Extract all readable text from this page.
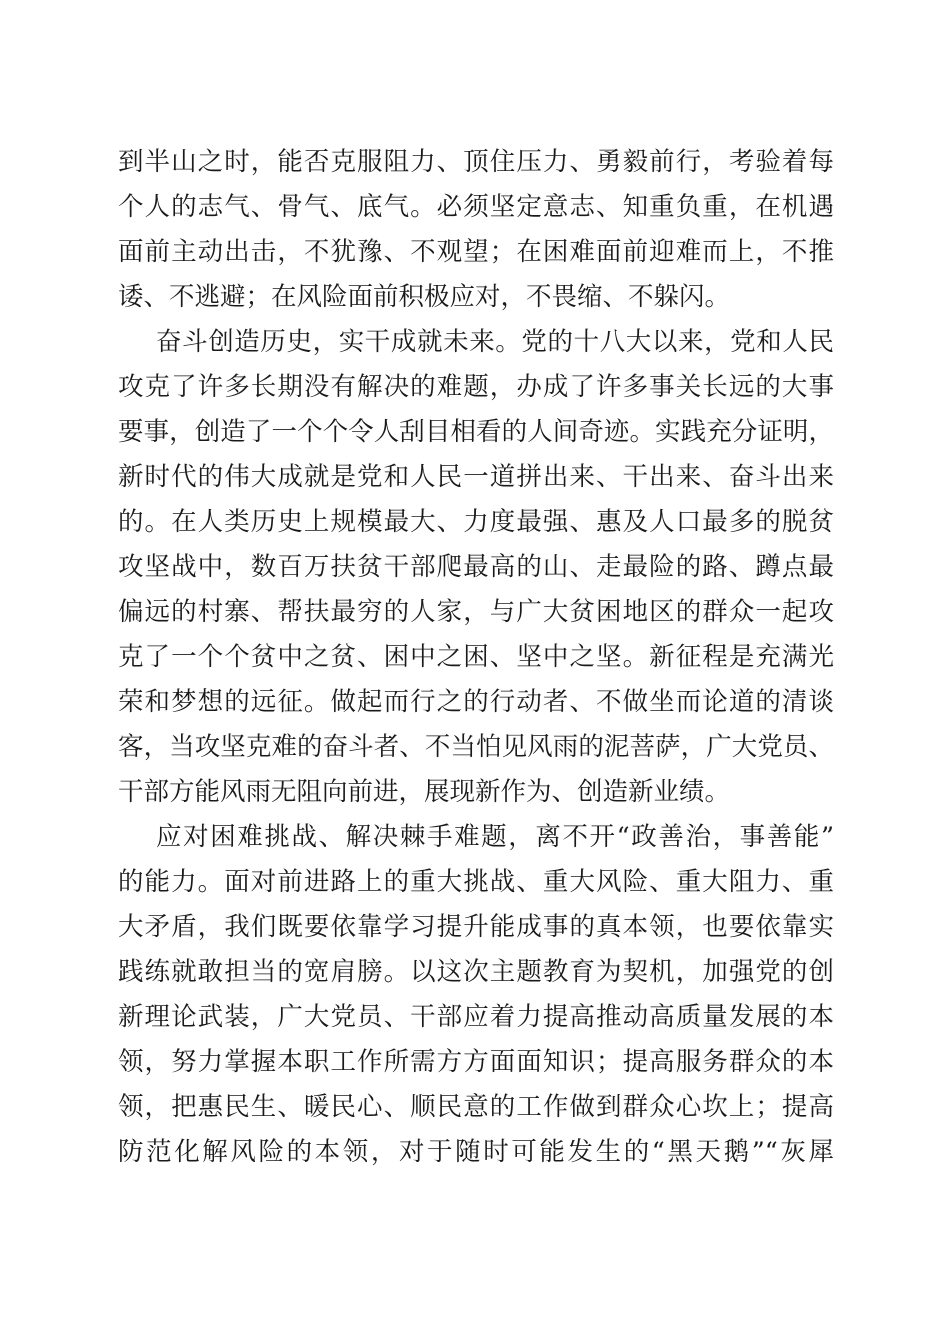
到半山之时，能否克服阻力、顶住压力、勇毅前行，考验着每
个人的志气、骨气、底气。必须坚定意志、知重负重，在机遇
面前主动出击，不犹豫、不观望；在困难面前迎难而上，不推
诿、不逃避；在风险面前积极应对，不畏缩、不躲闪。
奋斗创造历史，实干成就未来。党的十八大以来，党和人民
攻克了许多长期没有解决的难题，办成了许多事关长远的大事
要事，创造了一个个令人刮目相看的人间奇迹。实践充分证明，
新时代的伟大成就是党和人民一道拼出来、干出来、奋斗出来
的。在人类历史上规模最大、力度最强、惠及人口最多的脱贫
攻坚战中，数百万扶贫干部爬最高的山、走最险的路、蹲点最
偏远的村寨、帮扶最穷的人家，与广大贫困地区的群众一起攻
克了一个个贫中之贫、困中之困、坚中之坚。新征程是充满光
荣和梦想的远征。做起而行之的行动者、不做坐而论道的清谈
客，当攻坚克难的奋斗者、不当怕见风雨的泥菩萨，广大党员、
干部方能风雨无阻向前进，展现新作为、创造新业绩。
应对困难挑战、解决棘手难题，离不开“政善治，事善能”
的能力。面对前进路上的重大挑战、重大风险、重大阻力、重
大矛盾，我们既要依靠学习提升能成事的真本领，也要依靠实
践练就敢担当的宽肩膀。以这次主题教育为契机，加强党的创
新理论武装，广大党员、干部应着力提高推动高质量发展的本
领，努力掌握本职工作所需方方面面知识；提高服务群众的本
领，把惠民生、暖民心、顺民意的工作做到群众心坎上；提高
防范化解风险的本领，对于随时可能发生的“黑天鹅”“灰犀
